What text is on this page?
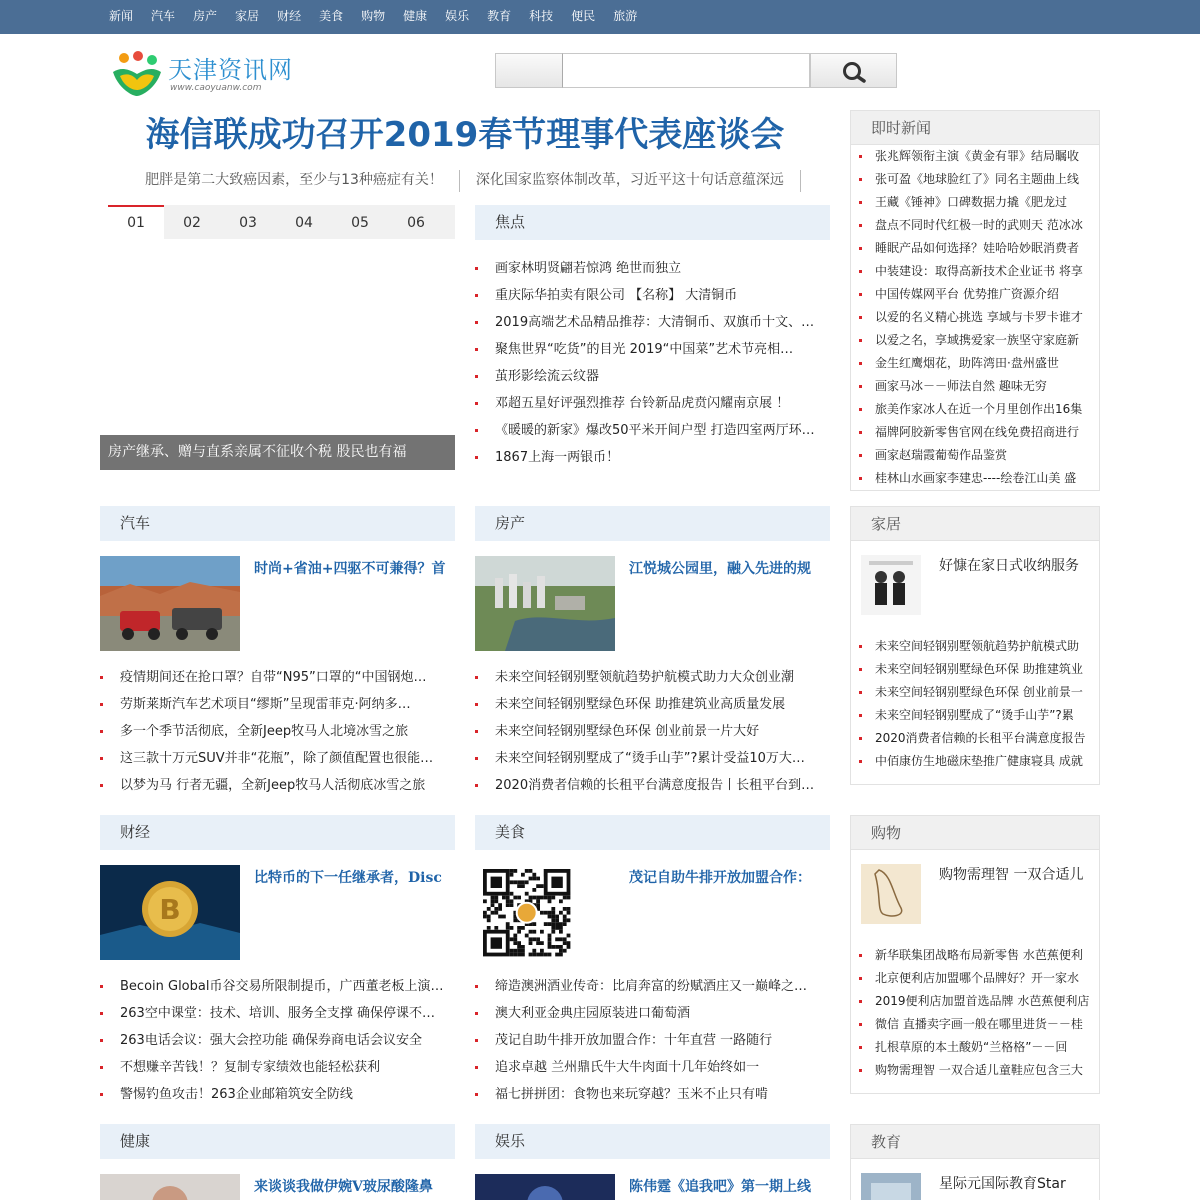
新闻 汽车 房产 家居 财经 美食 购物 健康 娱乐 教育 科技 便民 旅游
天津资讯网
www.caoyuanw.com
海信联成功召开2019春节理事代表座谈会
肥胖是第二大致癌因素，至少与13种癌症有关！	深化国家监察体制改革，习近平这十句话意蕴深远
01	02	03	04	05	06
房产继承、赠与直系亲属不征收个税 股民也有福
焦点
画家林明贤翩若惊鸿 绝世而独立
重庆际华拍卖有限公司 【名称】 大清铜币
2019高端艺术品精品推荐：大清铜币、双旗币十文、…
聚焦世界“吃货”的目光 2019“中国菜”艺术节亮相…
茧形影绘流云纹器
邓超五星好评强烈推荐 台铃新品虎贲闪耀南京展 ！
《暖暖的新家》爆改50平米开间户型 打造四室两厅环…
1867上海一两银币！
即时新闻
张兆辉领衔主演《黄金有罪》结局瞩收
张可盈《地球脸红了》同名主题曲上线
王藏《锤神》口碑数据力撬《肥龙过
盘点不同时代红极一时的武则天 范冰冰
睡眠产品如何选择？娃哈哈妙眠消费者
中装建设：取得高新技术企业证书 将享
中国传媒网平台 优势推广资源介绍
以爱的名义精心挑选 享域与卡罗卡谁才
以爱之名，享域携爱家一族坚守家庭新
金生红鹰烟花，助阵湾田·盘州盛世
画家马冰－－师法自然 趣味无穷
旅美作家冰人在近一个月里创作出16集
福牌阿胶新零售官网在线免费招商进行
画家赵瑞霞葡萄作品鉴赏
桂林山水画家李建忠----绘卷江山美 盛
汽车
时尚+省油+四驱不可兼得？首
疫情期间还在抢口罩？自带“N95”口罩的“中国钢炮…
劳斯莱斯汽车艺术项目“缪斯”呈现雷菲克·阿纳多…
多一个季节活彻底，全新Jeep牧马人北境冰雪之旅
这三款十万元SUV并非“花瓶”，除了颜值配置也很能…
以梦为马 行者无疆，全新Jeep牧马人活彻底冰雪之旅
房产
江悦城公园里，融入先进的规
未来空间轻钢别墅领航趋势护航模式助力大众创业潮
未来空间轻钢别墅绿色环保 助推建筑业高质量发展
未来空间轻钢别墅绿色环保 创业前景一片大好
未来空间轻钢别墅成了“烫手山芋”?累计受益10万大…
2020消费者信赖的长租平台满意度报告丨长租平台到…
家居
好慷在家日式收纳服务
未来空间轻钢别墅领航趋势护航模式助
未来空间轻钢别墅绿色环保 助推建筑业
未来空间轻钢别墅绿色环保 创业前景一
未来空间轻钢别墅成了“烫手山芋”?累
2020消费者信赖的长租平台满意度报告
中佰康仿生地磁床垫推广健康寝具 成就
财经
B
比特币的下一任继承者，Disc
Becoin Global币谷交易所限制提币，广西董老板上演…
263空中课堂：技术、培训、服务全支撑 确保停课不…
263电话会议：强大会控功能 确保券商电话会议安全
不想赚辛苦钱！？复制专家绩效也能轻松获利
警惕钓鱼攻击！263企业邮箱筑安全防线
美食
茂记自助牛排开放加盟合作：
缔造澳洲酒业传奇：比肩奔富的纷赋酒庄又一巅峰之…
澳大利亚金典庄园原装进口葡萄酒
茂记自助牛排开放加盟合作：十年直营 一路随行
追求卓越 兰州鼎氏牛大牛肉面十几年始终如一
福七拼拼团：食物也来玩穿越？玉米不止只有啃
购物
购物需理智 一双合适儿
新华联集团战略布局新零售 水芭蕉便利
北京便利店加盟哪个品牌好？开一家水
2019便利店加盟首选品牌 水芭蕉便利店
微信 直播卖字画一般在哪里进货－－桂
扎根草原的本土酸奶“兰格格”－－回
购物需理智 一双合适儿童鞋应包含三大
健康
来谈谈我做伊婉V玻尿酸隆鼻
娱乐
陈伟霆《追我吧》第一期上线
教育
星际元国际教育Star
